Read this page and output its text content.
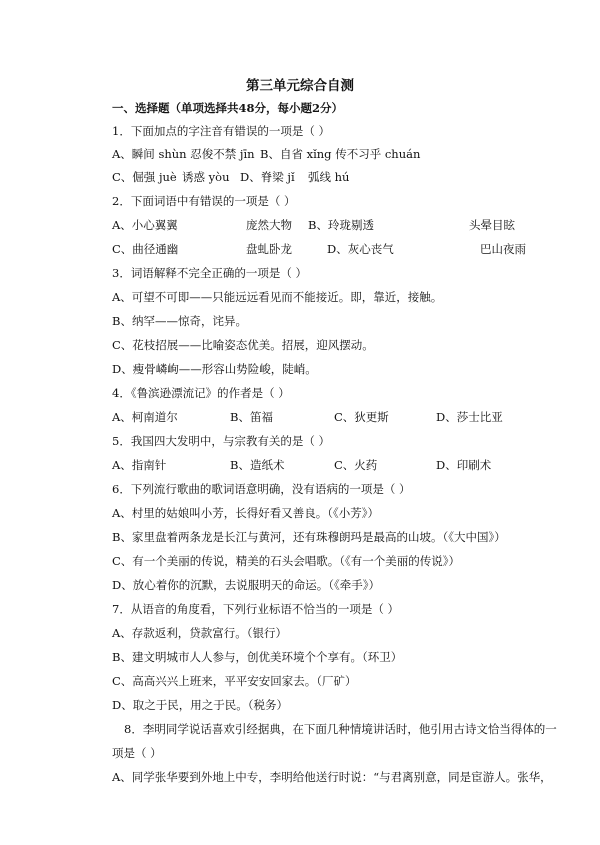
第三单元综合自测
一、选择题（单项选择共48分，每小题2分）
1．下面加点的字注音有错误的一项是（ ）
A、瞬间 shùn 忍俊不禁 jīn B、自省 xǐng 传不习乎 chuán
C、倔强 juè 诱惑 yòu D、脊梁 jǐ 弧线 hú
2．下面词语中有错误的一项是（ ）
A、小心翼翼	庞然大物 B、玲珑剔透	头晕目眩
C、曲径通幽	盘虬卧龙	D、灰心丧气	巴山夜雨
3．词语解释不完全正确的一项是（ ）
A、可望不可即——只能远远看见而不能接近。即，靠近，接触。
B、纳罕——惊奇，诧异。
C、花枝招展——比喻姿态优美。招展，迎风摆动。
D、瘦骨嶙峋——形容山势险峻，陡峭。
4．《鲁滨逊漂流记》的作者是（ ）
A、柯南道尔	B、笛福	C、狄更斯	D、莎士比亚
5．我国四大发明中，与宗教有关的是（ ）
A、指南针	B、造纸术	C、火药	D、印刷术
6．下列流行歌曲的歌词语意明确，没有语病的一项是（ ）
A、村里的姑娘叫小芳，长得好看又善良。（《小芳》）
B、家里盘着两条龙是长江与黄河，还有珠穆朗玛是最高的山坡。（《大中国》）
C、有一个美丽的传说，精美的石头会唱歌。（《有一个美丽的传说》）
D、放心着你的沉默，去说服明天的命运。（《牵手》）
7．从语音的角度看，下列行业标语不恰当的一项是（ ）
A、存款返利，贷款富行。（银行）
B、建文明城市人人参与，创优美环境个个享有。（环卫）
C、高高兴兴上班来，平平安安回家去。（厂矿）
D、取之于民，用之于民。（税务）
8．李明同学说话喜欢引经据典，在下面几种情境讲话时，他引用古诗文恰当得体的一
项是（ ）
A、同学张华要到外地上中专，李明给他送行时说：“与君离别意，同是宦游人。张华，
